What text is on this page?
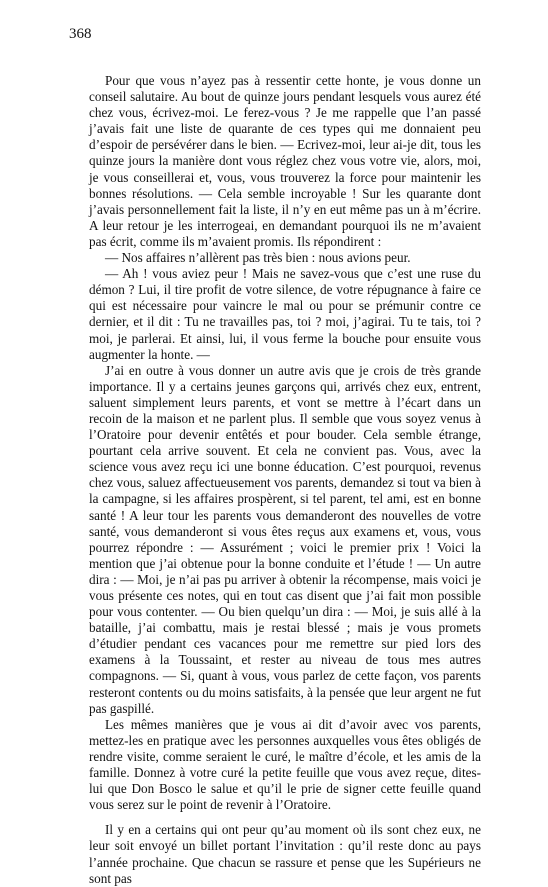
368

Pour que vous n’ayez pas à ressentir cette honte, je vous donne un conseil salutaire. Au bout de quinze jours pendant lesquels vous aurez été chez vous, écrivez-moi. Le ferez-vous ? Je me rappelle que l’an passé j’avais fait une liste de quarante de ces types qui me donnaient peu d’espoir de persévérer dans le bien. — Ecrivez-moi, leur ai-je dit, tous les quinze jours la manière dont vous réglez chez vous votre vie, alors, moi, je vous conseillerai et, vous, vous trouverez la force pour maintenir les bonnes résolutions. — Cela semble incroyable ! Sur les quarante dont j’avais personnellement fait la liste, il n’y en eut même pas un à m’écrire. A leur retour je les interrogeai, en demandant pourquoi ils ne m’avaient pas écrit, comme ils m’avaient promis. Ils répondirent :

— Nos affaires n’allèrent pas très bien : nous avions peur.

— Ah ! vous aviez peur ! Mais ne savez-vous que c’est une ruse du démon ? Lui, il tire profit de votre silence, de votre répugnance à faire ce qui est nécessaire pour vaincre le mal ou pour se prémunir contre ce dernier, et il dit : Tu ne travailles pas, toi ? moi, j’agirai. Tu te tais, toi ? moi, je parlerai. Et ainsi, lui, il vous ferme la bouche pour ensuite vous augmenter la honte. —

J’ai en outre à vous donner un autre avis que je crois de très grande importance. Il y a certains jeunes garçons qui, arrivés chez eux, entrent, saluent simplement leurs parents, et vont se mettre à l’écart dans un recoin de la maison et ne parlent plus. Il semble que vous soyez venus à l’Oratoire pour devenir entêtés et pour bouder. Cela semble étrange, pourtant cela arrive souvent. Et cela ne convient pas. Vous, avec la science vous avez reçu ici une bonne éducation. C’est pourquoi, revenus chez vous, saluez affectueusement vos parents, demandez si tout va bien à la campagne, si les affaires prospèrent, si tel parent, tel ami, est en bonne santé ! A leur tour les parents vous demanderont des nouvelles de votre santé, vous demanderont si vous êtes reçus aux examens et, vous, vous pourrez répondre : — Assurément ; voici le premier prix ! Voici la mention que j’ai obtenue pour la bonne conduite et l’étude ! — Un autre dira : — Moi, je n’ai pas pu arriver à obtenir la récompense, mais voici je vous présente ces notes, qui en tout cas disent que j’ai fait mon possible pour vous contenter. — Ou bien quelqu’un dira : — Moi, je suis allé à la bataille, j’ai combattu, mais je restai blessé ; mais je vous promets d’étudier pendant ces vacances pour me remettre sur pied lors des examens à la Toussaint, et rester au niveau de tous mes autres compagnons. — Si, quant à vous, vous parlez de cette façon, vos parents resteront contents ou du moins satisfaits, à la pensée que leur argent ne fut pas gaspillé.

Les mêmes manières que je vous ai dit d’avoir avec vos parents, mettez-les en pratique avec les personnes auxquelles vous êtes obligés de rendre visite, comme seraient le curé, le maître d’école, et les amis de la famille. Donnez à votre curé la petite feuille que vous avez reçue, dites-lui que Don Bosco le salue et qu’il le prie de signer cette feuille quand vous serez sur le point de revenir à l’Oratoire.

Il y en a certains qui ont peur qu’au moment où ils sont chez eux, ne leur soit envoyé un billet portant l’invitation : qu’il reste donc au pays l’année prochaine. Que chacun se rassure et pense que les Supérieurs ne sont pas
